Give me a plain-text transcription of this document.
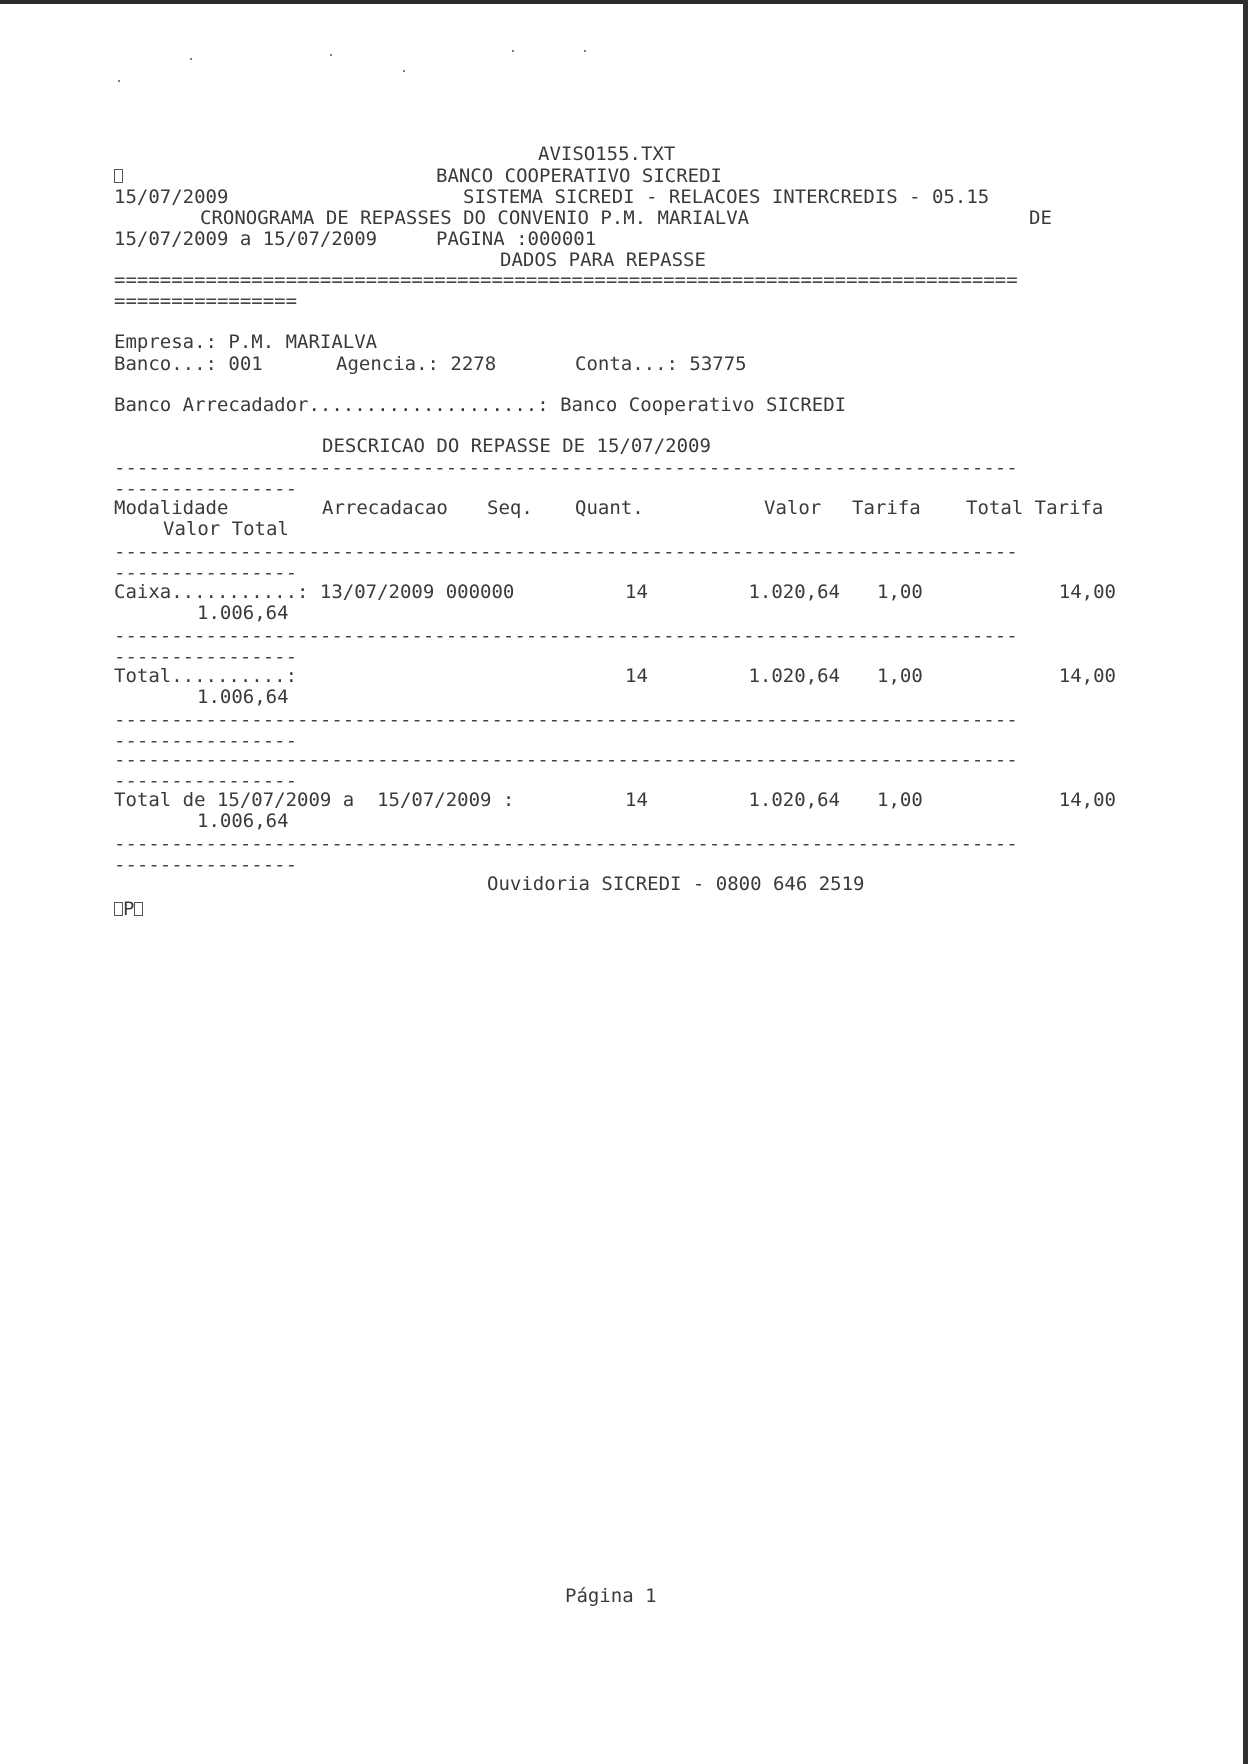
AVISO155.TXT
BANCO COOPERATIVO SICREDI
15/07/2009	SISTEMA SICREDI - RELACOES INTERCREDIS - 05.15
CRONOGRAMA DE REPASSES DO CONVENIO P.M. MARIALVA	DE
15/07/2009 a 15/07/2009	PAGINA :000001
DADOS PARA REPASSE
===============================================================================
================
Empresa.: P.M. MARIALVA
Banco...: 001	Agencia.: 2278	Conta...: 53775
Banco Arrecadador....................: Banco Cooperativo SICREDI
DESCRICAO DO REPASSE DE 15/07/2009
-------------------------------------------------------------------------------
----------------
Modalidade	Arrecadacao Seq. Quant.	Valor Tarifa Total Tarifa
Valor Total
-------------------------------------------------------------------------------
----------------
Caixa...........: 13/07/2009 000000	14	1.020,64 1,00	14,00
1.006,64
-------------------------------------------------------------------------------
----------------
Total..........:	14	1.020,64 1,00	14,00
1.006,64
-------------------------------------------------------------------------------
----------------
-------------------------------------------------------------------------------
----------------
Total de 15/07/2009 a  15/07/2009 :	14	1.020,64 1,00	14,00
1.006,64
-------------------------------------------------------------------------------
----------------
Ouvidoria SICREDI - 0800 646 2519
P
Página 1
